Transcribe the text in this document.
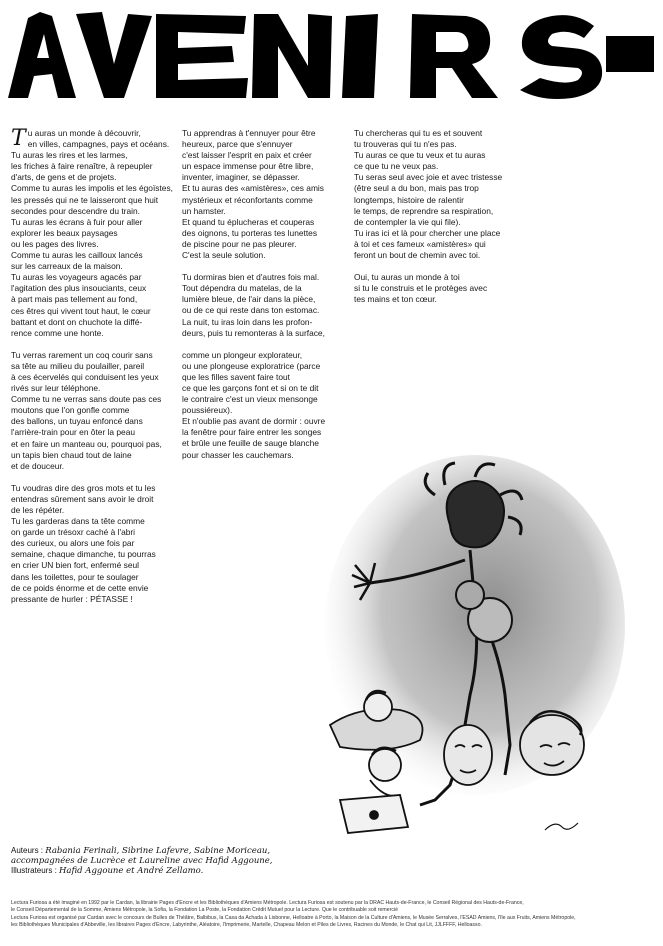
T u auras un monde à découvrir,

en villes, campagnes, pays et océans.
Tu auras les rires et les larmes,
les friches à faire renaître, à repeupler
d'arts, de gens et de projets.
Comme tu auras les impolis et les égoïstes,
les pressés qui ne te laisseront que huit
secondes pour descendre du train.
Tu auras les écrans à fuir pour aller
explorer les beaux paysages
ou les pages des livres.
Comme tu auras les cailloux lancés
sur les carreaux de la maison.
Tu auras les voyageurs agacés par
l'agitation des plus insouciants, ceux
à part mais pas tellement au fond,
ces êtres qui vivent tout haut, le cœur
battant et dont on chuchote la diffé-
rence comme une honte.

Tu verras rarement un coq courir sans
sa tête au milieu du poulailler, pareil
à ces écervelés qui conduisent les yeux
rivés sur leur téléphone.
Comme tu ne verras sans doute pas ces
moutons que l'on gonfle comme
des ballons, un tuyau enfoncé dans
l'arrière-train pour en ôter la peau
et en faire un manteau ou, pourquoi pas,
un tapis bien chaud tout de laine
et de douceur.

Tu voudras dire des gros mots et tu les
entendras sûrement sans avoir le droit
de les répéter.
Tu les garderas dans ta tête comme
on garde un trésoxr caché à l'abri
des curieux, ou alors une fois par
semaine, chaque dimanche, tu pourras
en crier UN bien fort, enfermé seul
dans les toilettes, pour te soulager
de ce poids énorme et de cette envie
pressante de hurler : PÉTASSE !

Tu apprendras à t'ennuyer pour être
heureux, parce que s'ennuyer
c'est laisser l'esprit en paix et créer
un espace immense pour être libre,
inventer, imaginer, se dépasser.
Et tu auras des «amistères», ces amis
mystérieux et réconfortants comme
un hamster.
Et quand tu éplucheras et couperas
des oignons, tu porteras tes lunettes
de piscine pour ne pas pleurer.
C'est la seule solution.

Tu dormiras bien et d'autres fois mal.
Tout dépendra du matelas, de la
lumière bleue, de l'air dans la pièce,
ou de ce qui reste dans ton estomac.
La nuit, tu iras loin dans les profon-
deurs, puis tu remonteras à la surface,

comme un plongeur explorateur,
ou une plongeuse exploratrice (parce
que les filles savent faire tout
ce que les garçons font et si on te dit
le contraire c'est un vieux mensonge
poussiéreux).
Et n'oublie pas avant de dormir : ouvre
la fenêtre pour faire entrer les songes
et brûle une feuille de sauge blanche
pour chasser les cauchemars.

Tu chercheras qui tu es et souvent
tu trouveras qui tu n'es pas.
Tu auras ce que tu veux et tu auras
ce que tu ne veux pas.
Tu seras seul avec joie et avec tristesse
(être seul a du bon, mais pas trop
longtemps, histoire de ralentir
le temps, de reprendre sa respiration,
de contempler la vie qui file).
Tu iras ici et là pour chercher une place
à toi et ces fameux «amistères» qui
feront un bout de chemin avec toi.

Oui, tu auras un monde à toi
si tu le construis et le protèges avec
tes mains et ton cœur.

Auteurs : Rabania Ferinali, Sibrine Lafevre, Sabine Moriceau,
accompagnées de Lucrèce et Laureline avec Hafid Aggoune,
Illustrateurs : Hafid Aggoune et André Zellamo.
Lectura Furiosa a été imaginé en 1992 par le Cardan, la librairie Pages d'Encre et les Bibliothèques d'Amiens Métropole. Lectura Furiosa est soutenu par la DRAC Hauts-de-France, le Conseil Régional des Hauts-de-France,
le Conseil Départemental de la Somme, Amiens Métropole, la Sofia, la Fondation La Poste, la Fondation Crédit Mutuel pour la Lecture. Que le contribuable soit remercié
Lectura Furiosa est organisé par Cardan avec le concours de Bulles de Théâtre, Balbibus, la Casa da Achada à Lisbonne, Helloatre à Porto, la Maison de la Culture d'Amiens, le Musée Serralves, l'ESAD Amiens, l'île aux Fruits, Amiens Métropole,
les Bibliothèques Municipales d'Abbeville, les libraires Pages d'Encre, Labyrinthe, Aléatoire, l'Imprimerie, Martelle, Chapeau Melon et Piles de Livres, Racines du Monde, le Chat qui Lit, JJLFFFF, Helloasso.
